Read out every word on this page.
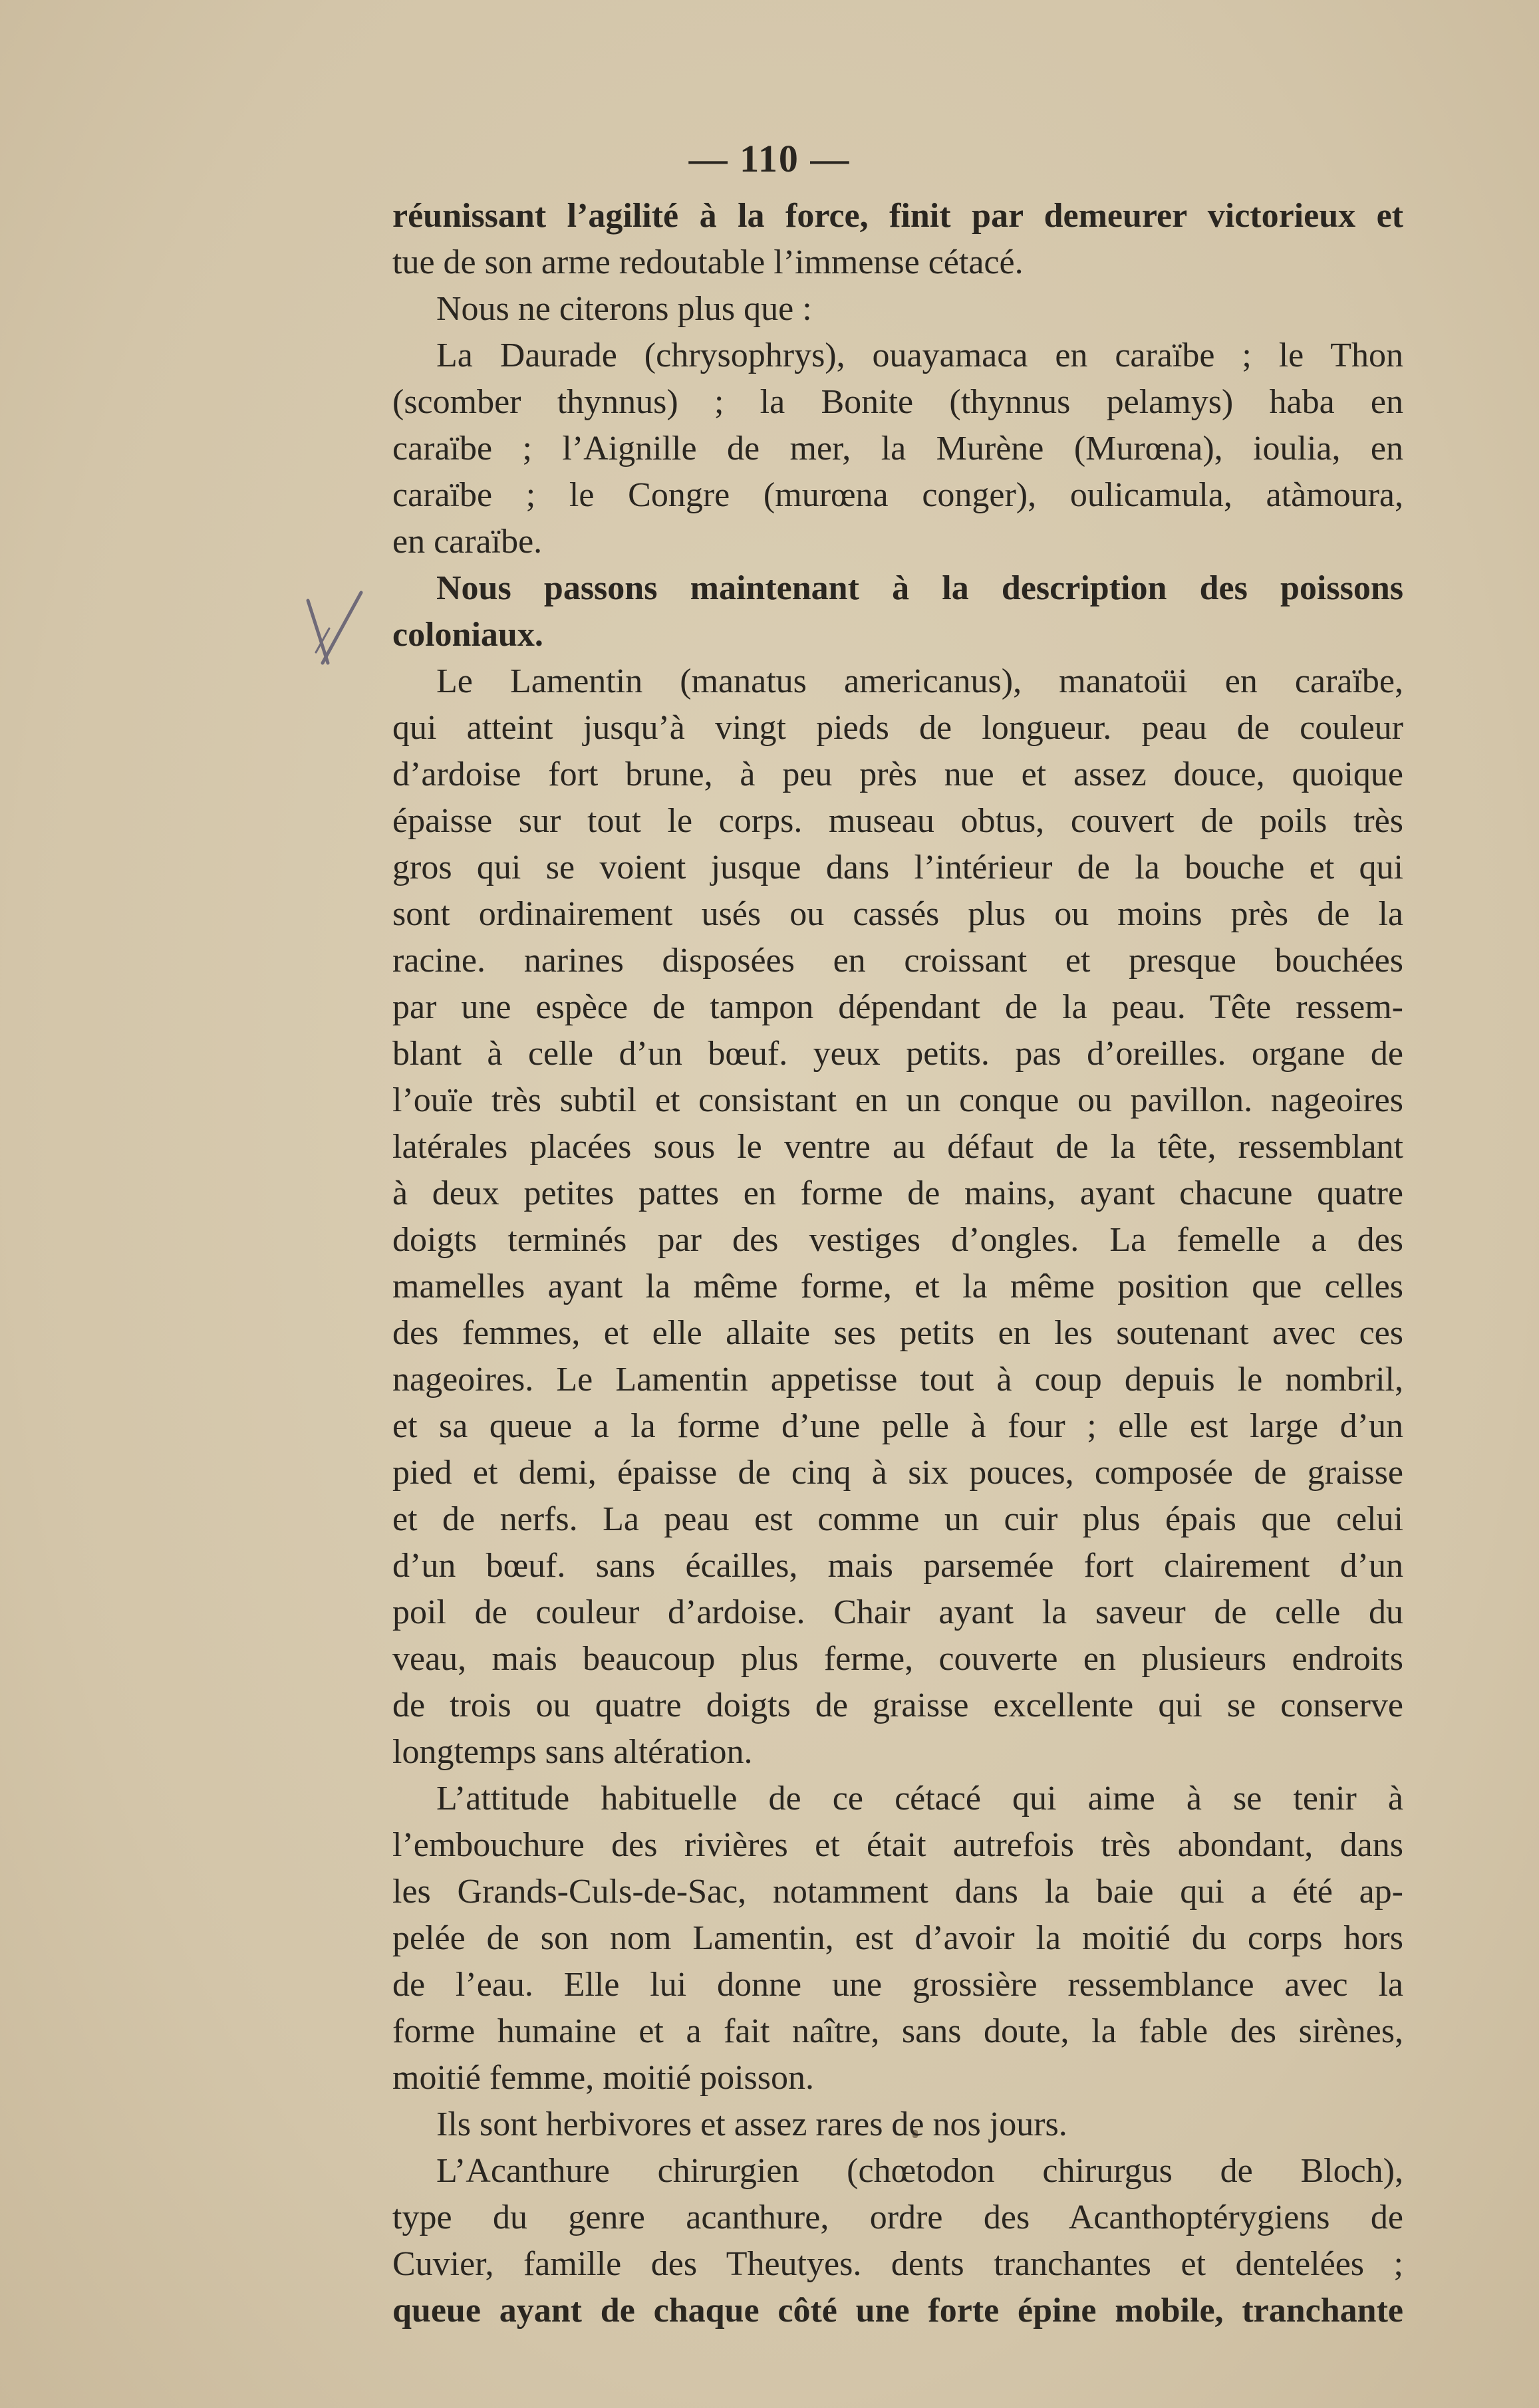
— 110 —
réunissant l’agilité à la force, finit par demeurer victorieux et
tue de son arme redoutable l’immense cétacé.
Nous ne citerons plus que :
La Daurade (chrysophrys), ouayamaca en caraïbe ; le Thon
(scomber thynnus) ; la Bonite (thynnus pelamys) haba en
caraïbe ; l’Aignille de mer, la Murène (Murœna), ioulia, en
caraïbe ; le Congre (murœna conger), oulicamula, atàmoura,
en caraïbe.
Nous passons maintenant à la description des poissons
coloniaux.
Le Lamentin (manatus americanus), manatoüi en caraïbe,
qui atteint jusqu’à vingt pieds de longueur. peau de couleur
d’ardoise fort brune, à peu près nue et assez douce, quoique
épaisse sur tout le corps. museau obtus, couvert de poils très
gros qui se voient jusque dans l’intérieur de la bouche et qui
sont ordinairement usés ou cassés plus ou moins près de la
racine. narines disposées en croissant et presque bouchées
par une espèce de tampon dépendant de la peau. Tête ressem-
blant à celle d’un bœuf. yeux petits. pas d’oreilles. organe de
l’ouïe très subtil et consistant en un conque ou pavillon. nageoires
latérales placées sous le ventre au défaut de la tête, ressemblant
à deux petites pattes en forme de mains, ayant chacune quatre
doigts terminés par des vestiges d’ongles. La femelle a des
mamelles ayant la même forme, et la même position que celles
des femmes, et elle allaite ses petits en les soutenant avec ces
nageoires. Le Lamentin appetisse tout à coup depuis le nombril,
et sa queue a la forme d’une pelle à four ; elle est large d’un
pied et demi, épaisse de cinq à six pouces, composée de graisse
et de nerfs. La peau est comme un cuir plus épais que celui
d’un bœuf. sans écailles, mais parsemée fort clairement d’un
poil de couleur d’ardoise. Chair ayant la saveur de celle du
veau, mais beaucoup plus ferme, couverte en plusieurs endroits
de trois ou quatre doigts de graisse excellente qui se conserve
longtemps sans altération.
L’attitude habituelle de ce cétacé qui aime à se tenir à
l’embouchure des rivières et était autrefois très abondant, dans
les Grands-Culs-de-Sac, notamment dans la baie qui a été ap-
pelée de son nom Lamentin, est d’avoir la moitié du corps hors
de l’eau. Elle lui donne une grossière ressemblance avec la
forme humaine et a fait naître, sans doute, la fable des sirènes,
moitié femme, moitié poisson.
Ils sont herbivores et assez rares de nos jours.
L’Acanthure chirurgien (chœtodon chirurgus de Bloch),
type du genre acanthure, ordre des Acanthoptérygiens de
Cuvier, famille des Theutyes. dents tranchantes et dentelées ;
queue ayant de chaque côté une forte épine mobile, tranchante
